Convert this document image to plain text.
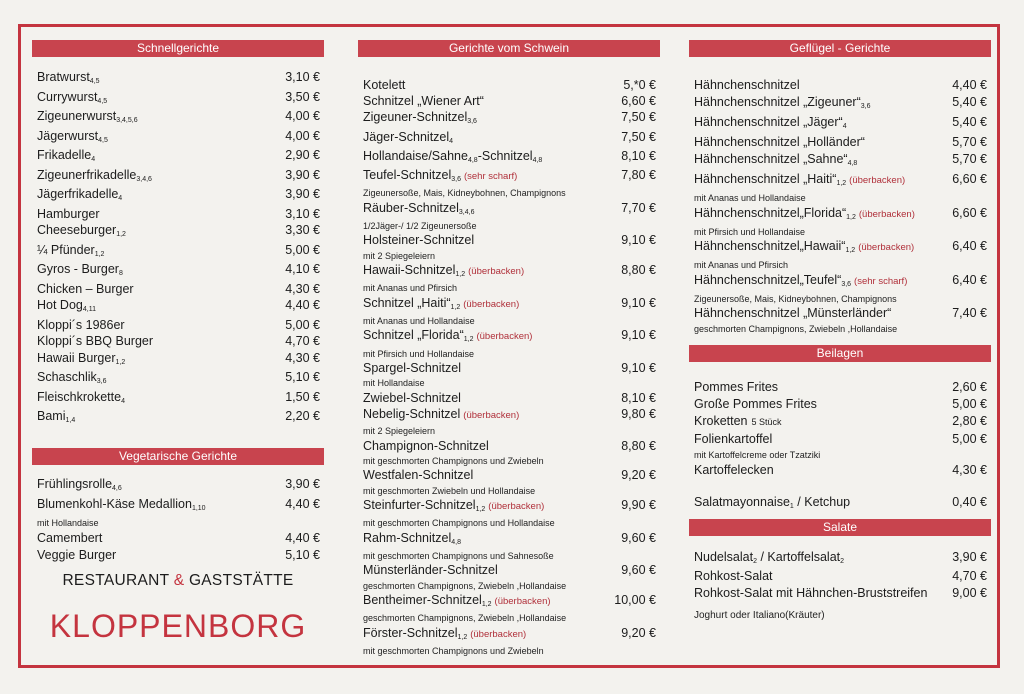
Schnellgerichte
Bratwurst$_{4,5}$	3,10 €
Currywurst$_{4,5}$	3,50 €
Zigeunerwurst$_{3,4,5,6}$	4,00 €
Jägerwurst$_{4,5}$	4,00 €
Frikadelle$_4$	2,90 €
Zigeunerfrikadelle$_{3,4,6}$	3,90 €
Jägerfrikadelle$_4$	3,90 €
Hamburger	3,10 €
Cheeseburger$_{1,2}$	3,30 €
¼ Pfünder$_{1,2}$	5,00 €
Gyros - Burger$_8$	4,10 €
Chicken – Burger	4,30 €
Hot Dog$_{4,11}$	4,40 €
Kloppi´s 1986er	5,00 €
Kloppi´s BBQ Burger	4,70 €
Hawaii Burger$_{1,2}$	4,30 €
Schaschlik$_{3,6}$	5,10 €
Fleischkrokette$_4$	1,50 €
Bami$_{1,4}$	2,20 €
Vegetarische Gerichte
Frühlingsrolle$_{4,6}$	3,90 €
Blumenkohl-Käse Medallion$_{1,10}$	4,40 €
mit Hollandaise
Camembert	4,40 €
Veggie Burger	5,10 €
RESTAURANT & GASTSTÄTTE
KLOPPENBORG
Gerichte vom Schwein
Kotelett	5,*0 €
Schnitzel „Wiener Art“	6,60 €
Zigeuner-Schnitzel$_{3,6}$	7,50 €
Jäger-Schnitzel$_4$	7,50 €
Hollandaise/Sahne$_{4,8}$-Schnitzel$_{4,8}$	8,10 €
Teufel-Schnitzel$_{3,6}$ (sehr scharf)	7,80 €
Zigeunersoße, Mais, Kidneybohnen, Champignons
Räuber-Schnitzel$_{3,4,6}$	7,70 €
1/2Jäger-/ 1/2 Zigeunersoße
Holsteiner-Schnitzel	9,10 €
mit 2 Spiegeleiern
Hawaii-Schnitzel$_{1,2}$ (überbacken)	8,80 €
mit Ananas und Pfirsich
Schnitzel $„Haiti“_{1,2}$ (überbacken)	9,10 €
mit Ananas und Hollandaise
Schnitzel $„Florida“_{1,2}$ (überbacken)	9,10 €
mit Pfirsich und Hollandaise
Spargel-Schnitzel	9,10 €
mit Hollandaise
Zwiebel-Schnitzel	8,10 €
Nebelig-Schnitzel (überbacken)	9,80 €
mit 2 Spiegeleiern
Champignon-Schnitzel	8,80 €
mit geschmorten Champignons und Zwiebeln
Westfalen-Schnitzel	9,20 €
mit geschmorten Zwiebeln und Hollandaise
Steinfurter-Schnitzel$_{1,2}$ (überbacken)	9,90 €
mit geschmorten Champignons und Hollandaise
Rahm-Schnitzel$_{4,8}$	9,60 €
mit geschmorten Champignons und Sahnesoße
Münsterländer-Schnitzel	9,60 €
geschmorten Champignons, Zwiebeln ,Hollandaise
Bentheimer-Schnitzel$_{1,2}$ (überbacken)	10,00 €
geschmorten Champignons, Zwiebeln ,Hollandaise
Förster-Schnitzel$_{1,2}$ (überbacken)	9,20 €
mit geschmorten Champignons und Zwiebeln
Geflügel - Gerichte
Hähnchenschnitzel	4,40 €
Hähnchenschnitzel $„Zigeuner“_{3,6}$	5,40 €
Hähnchenschnitzel $„Jäger“_4$	5,40 €
Hähnchenschnitzel „Holländer“	5,70 €
Hähnchenschnitzel $„Sahne“_{4,8}$	5,70 €
Hähnchenschnitzel $„Haiti“_{1,2}$ (überbacken)	6,60 €
mit Ananas und Hollandaise
$Hähnchenschnitzel„Florida“_{1,2}$ (überbacken)	6,60 €
mit Pfirsich und Hollandaise
$Hähnchenschnitzel„Hawaii“_{1,2}$ (überbacken)	6,40 €
mit Ananas und Pfirsich
$Hähnchenschnitzel„Teufel“_{3,6}$ (sehr scharf)	6,40 €
Zigeunersoße, Mais, Kidneybohnen, Champignons
Hähnchenschnitzel „Münsterländer“	7,40 €
geschmorten Champignons, Zwiebeln ,Hollandaise
Beilagen
Pommes Frites	2,60 €
Große Pommes Frites	5,00 €
Kroketten 5 Stück	2,80 €
Folienkartoffel	5,00 €
mit Kartoffelcreme oder Tzatziki
Kartoffelecken	4,30 €
Salatmayonnaise$_1$ / Ketchup	0,40 €
Salate
Nudelsalat$_2$ / Kartoffelsalat$_2$	3,90 €
Rohkost-Salat	4,70 €
Rohkost-Salat mit Hähnchen-Bruststreifen 9,00 €
Joghurt oder Italiano(Kräuter)
